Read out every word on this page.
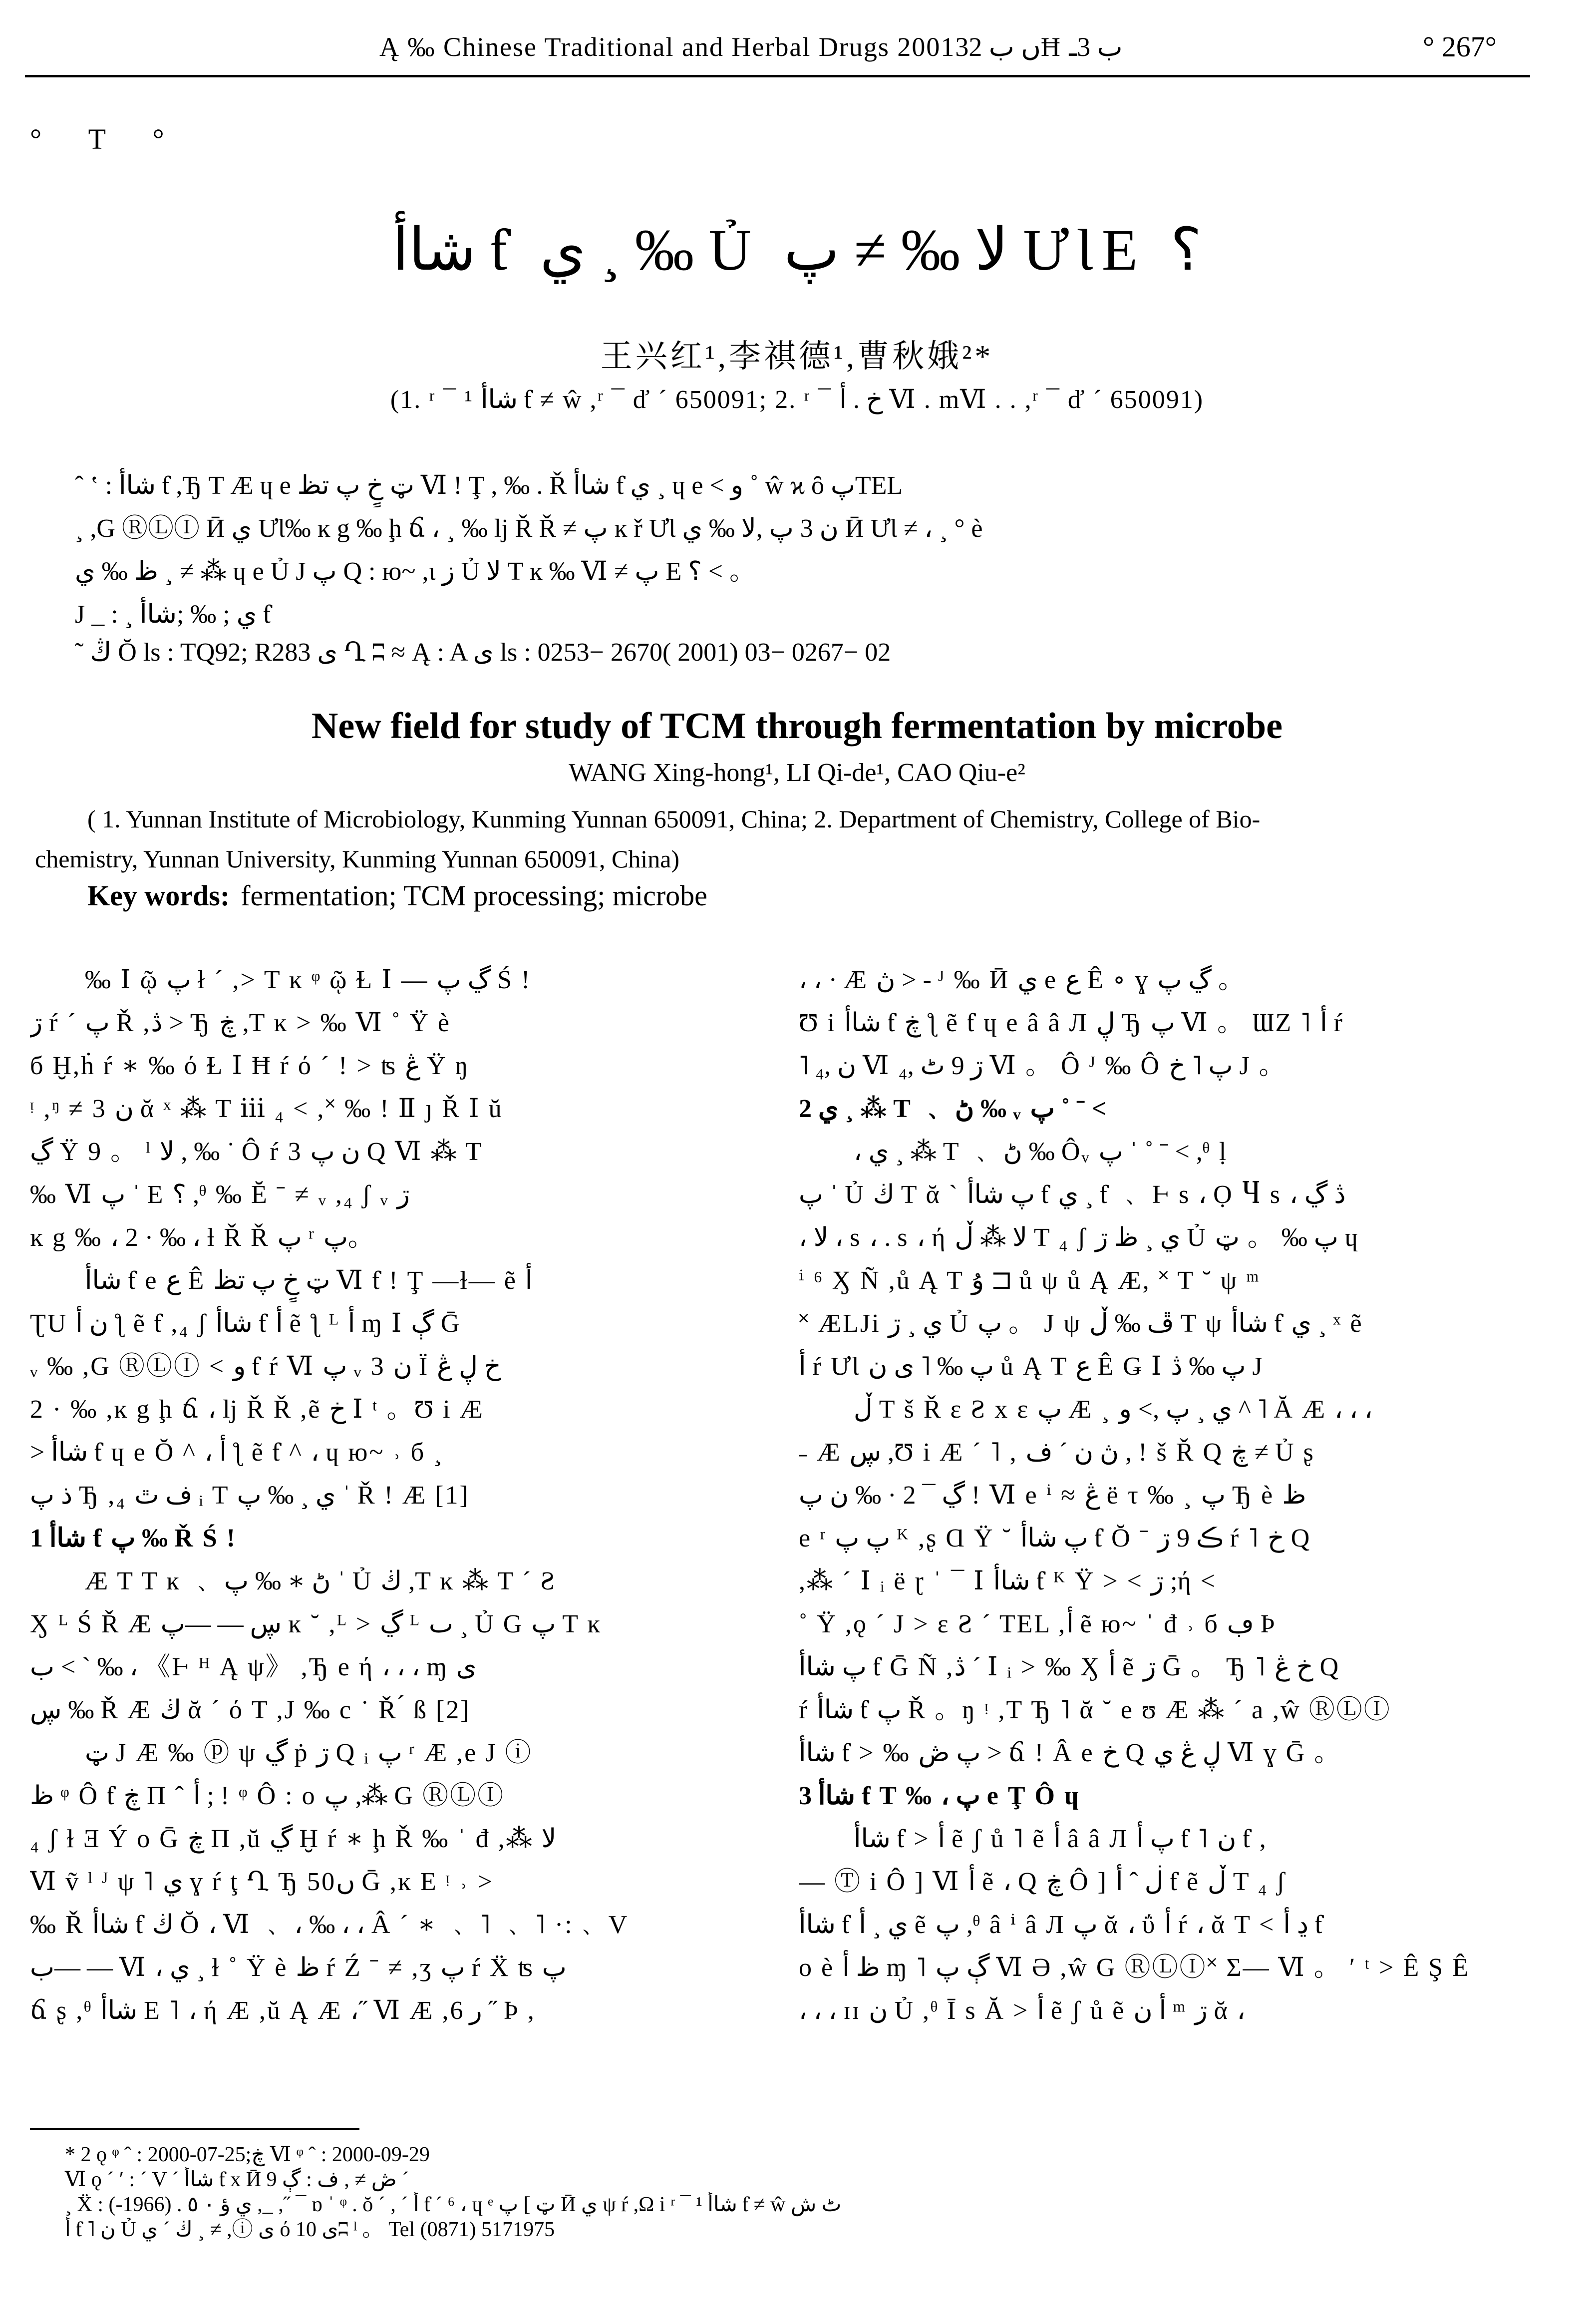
Ą ‰ Chinese Traditional and Herbal Drugs 2001ں ب 32Ħ ب 3ـ	° 267°
° T °
شاأ ƭ ي ¸ ‰ Ủ لا ‰ ≠ پ ƯƖΕ ؟
王兴红¹,李祺德¹,曹秋娥²*
(1. ʳ ¯ ¹ شاأ ƭ ≠ ŵ ,ʳ ¯ ď ´ 650091; 2. ʳ ¯ خ . أ Ⅵ . mⅥ . . ,ʳ ¯ ď ´ 650091)
ˆ ʽ : شاأ ƭ ,Ђ T Æ ɥ e ټ خٍ پ تظ Ⅵ ǃ Ţ , ‰ . Ř شاأ ƭ ي ¸ ɥ e ˂ و ˚ ŵ ϰ ȏ پTEL
¸ ,G ⓇⓁⒾ Ӣ ي ƯƖ‰ ĸ g ‰ ḩ ճ ، ¸ ‰ ǉ Ř Ř ≠ پ ĸ ř ƯƖ ن 3 پ ,لا ‰ ي Ӣ ƯƖ ≠ ، ¸ ° è
ظ ‰ ي ¸ ≠ ⁂ ɥ e Ủ J پ Q : ю~ ,ι ز Ủ لا T ĸ ‰ Ⅵ ≠ پ E ؟ ˂ 。
J _ : ¸ ي ; ‰ ;شاأ ƭ
˜ ڭ Ŏ ls : TQ92; R283 ی Ղ ʭ ≈ Ą : A ی ls : 0253− 2670( 2001) 03− 0267− 02
New field for study of TCM through fermentation by microbe
WANG Xing-hong¹, LI Qi-de¹, CAO Qiu-e²
( 1. Yunnan Institute of Microbiology, Kunming Yunnan 650091, China; 2. Department of Chemistry, College of Bio-
chemistry, Yunnan University, Kunming Yunnan 650091, China)
Key words: fermentation; TCM processing; microbe
‰ Ⅰ ῷ پ ł ˊ ,˃ T ĸ ᵠ ῷ Ɫ Ⅰ — ڲ پ Ś !
ڗ ŕ ´ پ Ř ,ڎ ˃ Ђ ڿ ,T ĸ ˃ ‰ Ⅵ ˚ Ÿ è
б Ḫ,ḣ ŕ ∗ ‰ ό Ɫ Ⅰ Ħ ŕ ό ˊ ǃ ˃ ʦ ڠ Ÿ ŋ
ᵎ ,ᵑ ≠ 3 ن ᾰ ˣ ⁂ T ⅲ ₄ ˂ ,˟ ‰ ǃ Ⅱ ȷ Ř Ⅰ ŭ
ڲ Ÿ 9 。 ˡ لا , ‰ ˙ Ô ŕ 3 ن پ Q Ⅵ ⁂ T
‰ Ⅵ پ ˈ E ؟ ,ᶿ ‰ Ĕ ˉ ≠ ᵥ ,₄ ʃ ᵥ ڗ
ĸ g ‰ ، 2 · ‰ ، ƚ Ř Ř پ ʳ پ。
شاأ ƭ e ع Ê ټ خٍ پ تظ Ⅵ ƭ ǃ Ţ —ɫ— ẽ أ
ƮU ن أ ƪ ẽ ƭ ,₄ ʃ شاأ ƭ أ ẽ ƪ ᴸ أ ɱ Ⅰ ڳ Ḡ
ᵥ ‰ ,G ⓇⓁⒾ ˂ و ƭ ŕ Ⅵ پ ᵥ 3 ن Ï خ ڸ ڠ
2 · ‰ ,ĸ g ḩ ճ ، ǉ Ř Ř ,ẽ خ Ⅰ ᵗ 。Ʊ i Æ
˃ شاأ ƭ ɥ e Ŏ ^ ، أ ƪ ẽ ƭ ^ ، ɥ ю~ ˒ б ¸
ذ پ Ђ ,₄ ف ٿ ᵢ T ي ¸ ‰ پ ˈ Ř ǃ Æ [1]
1 شاأ ƭ پ ‰ Ř Ś !
Æ T T ĸ ﹑ ڻ ∗ ‰ پ ˈ Ủ ڬ ,T ĸ ⁂ T ˊ Ƨ
Ӽ ᴸ Ś Ř Æ ڛ — —پ ĸ ˘ ,ᴸ ˃ ڲ ᴸ ٮ ¸ Ủ G پ T ĸ
ب ˂ ˋ ‰ ، 《Ⱶ ᴴ Ą ψ》 ,Ђ e ή ، ، ، ɱ ی
ڛ ‰ Ř Æ ڬ ᾰ ˊ ό T ,J ‰ c ˙ Ř ́ ß [2]
ټ J Æ ‰ ⓟ ψ ڲ ṗ ڗ Q ᵢ پ ʳ Æ ,e J ⓘ
ظ ᵠ Ô ƭ ڿ Π ˆ أ ; ǃ ᵠ Ô : o پ ,⁂ G ⓇⓁⒾ
₄ ʃ ɫ Ǝ Ý o Ḡ ڿ Π ,ŭ ڲ Ḫ ŕ ∗ ḩ Ř ‰ ˈ đ ,⁂ لا
Ⅵ ṽ ˡ ᴶ ψ ˥ ي ɣ ŕ ţ Ղ Ђ 50ں Ḡ ,ĸ E ᵎ ˒ ˃
‰ Ř شاأ ƭ ڬ Ŏ ، Ⅵ ﹑ ، ‰ ، ، Â ˊ ∗ ﹑ ˥ ﹑ ˥ ·:﹑ V
ب— — Ⅵ ، ي ¸ ɫ ˚ Ÿ è ظ ŕ Ź ˉ ≠ ,ʒ پ ŕ Ẍ ʦ پ
ճ ʂ ,ᶿ شاأ E ˥ ، ή Æ ,ŭ Ą Æ ،˝ Ⅵ Æ ,ر 6 ˝ Ϸ ,
، ، · Æ ڽ ˃ - ᴶ ‰ Ӣ ي e ع Ê ∘ ɣ ڲ پ 。
Ʊ i شاأ ƭ ڿ ƪ ẽ ƭ ɥ e â â Л ڸ Ђ پ Ⅵ 。 ƜZ ˥ أ ŕ
˥ ن ,₄ Ⅵ ڗ 9 ٹ ,₄ Ⅵ 。 Ô ᴶ ‰ Ô پ ˥ خ J 。
2 ي ¸ ⁂ T ﹑ ڻ ‰ ᵥ پ ˚ ˉ ˂
، ي ¸ ⁂ T ﹑ ڻ ‰ Ôᵥ پ ˈ ˚ ˉ ˂ ,ᶿ ḷ
پ ˈ Ủ ڬ T ᾰ ˋ پ شاأ ƭ ي ¸ ƭ ﹑ Ⱶ s ، Ọ Ⴗ s ، ڎ ڲ
، لا ، s ، . s ، ή لا ⁂ ڵ T ₄ ʃ ي ¸ ظ ڗ Ủ پ ‰ 。 ټ ɥ
ⁱ ⁶ Ӽ Ñ ,ů Ą T ۇ ⊐ ů ψ ů Ą Æ, ˟ T ˘ ψ ᵐ
˟ ÆLJi ي ¸ ڗ Ủ پ 。 J ψ ڦ ‰ ڵ T ψ شاأ ƭ ي ¸ ˣ ẽ
أ ŕ ƯƖ پ ‰ ˥ ى ن ů Ą T ع Ê Ǥ Ⅰ پ ‰ ڎ J
ڵ T š Ř ɛ Ƨ x ɛ پ Æ ¸ ي ¸ پ ,˂ و ^ ˥ Ă Æ ، ، ،
˗ Æ ڛ ,Ʊ i Æ ˊ ˥ , ڽ ن ˊ ف , ǃ š Ř Q ڿ ≠ Ủ ʂ
ڲ ¯ 2 · ‰ ن پ ǃ Ⅵ e ⁱ ≈ ڠ ë τ ‰ ¸ پ Ђ è ظ
e ʳ پ پ ᴷ ,ʂ Ɑ Ÿ ˘ پ شاأ ƭ Ŏ ˉ ڪ 9 ڗ ŕ ˥ خ Q
,⁂ ˊ Ⅰ ᵢ ë ɽ ˈ ¯ Ⅰ شاأ ƭ ᴷ Ÿ ˃ ˂ ڗ ;ή ˂
˚ Ÿ ,ǫ ˊ J ˃ ɛ Ƨ ˊ TEL ,أ ẽ ю~ ˈ đ ˒ б ڢ Ϸ
پ شاأ ƭ Ḡ Ñ ,ڎ ˊ Ⅰ ᵢ ˃ ‰ Ӽ أ ẽ ڗ Ḡ 。 Ђ ˥ خ ڠ Q
ŕ شاأ ƭ پ Ř 。ŋ ᵎ ,T Ђ ˥ ᾰ ˘ e ʊ Æ ⁂ ˊ a ,ŵ ⓇⓁⒾ
شاأ ƭ ˃ ‰ پ ڞ ˃ ճ ǃ Â e خ Q ڸ ڠ ي Ⅵ ɣ Ḡ 。
3 شاأ ƭ T ‰ ، پ e Ţ Ô ɥ
شاأ ƭ ˃ أ ẽ ʃ ů ˥ ẽ أ â â Л پ أ ƭ ˥ ن ƭ ,
— Ⓣ i Ô ] Ⅵ أ ẽ ، Q ڿ Ô ] ڶ ˆ أ ƭ ẽ ڵ T ₄ ʃ
شاأ ƭ ي ¸ أ ẽ پ ,ᶿ â ⁱ â Л پ ᾰ ، ΰ أ ŕ ، ᾰ T ˂ ڍ أ ƭ
o è ظ أ ɱ ˥ ڳ پ Ⅵ Ə ,ŵ G ⓇⓁⒾ˟ Σ— Ⅵ 。 ʹ ᵗ ˃ Ê Ş Ê
، ، ، ɪɪ ن Ủ ,ᶿ Ī s Ă ˃ أ ẽ ʃ ů ẽ أ ن ᵐ ڗ ᾰ ،
* 2 ǫ ᵠ ˆ : 2000-07-25;ڿ Ⅵ ᵠ ˆ : 2000-09-29
Ⅵ ǫ ´ ʹ : ´ V ´ شاأ ƭ x Ӣ ڞ ≠ , ف : ڳ 9 ˊ
¸ Ẍ : ي ؤ ٠ ٥ . (1966-) ,_ ,˝ ¯ ɒ ˈ ᵠ . ŏ ˊ , ˊ أ ƭ ˊ ⁶ ، ɥ ᵉ ټ ] پ Ӣ ي ψ ŕ ,Ω i ʳ ¯ ¹ شاأ ƭ ≠ ŵ ٹ ش
أ ƭ ˥ ن Ủ ڬ ˊ ي ¸ ≠ ,ⓘ ی ό ی 10ʭ ˡ 。 Tel (0871) 5171975
